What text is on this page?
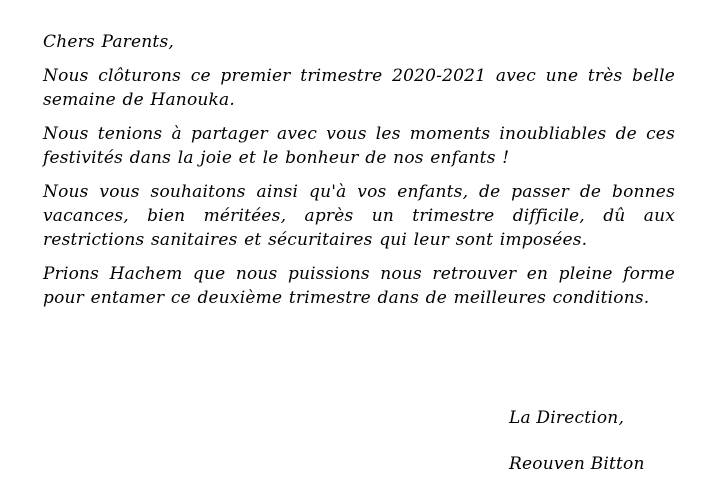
Chers Parents,

Nous clôturons ce premier trimestre 2020-2021 avec une très belle semaine de Hanouka.

Nous tenions à partager avec vous les moments inoubliables de ces festivités dans la joie et le bonheur de nos enfants !

Nous vous souhaitons ainsi qu'à vos enfants, de passer de bonnes vacances, bien méritées, après un trimestre difficile, dû aux restrictions sanitaires et sécuritaires qui leur sont imposées.

Prions Hachem que nous puissions nous retrouver en pleine forme pour entamer ce deuxième trimestre dans de meilleures conditions.

La Direction,
Reouven Bitton
